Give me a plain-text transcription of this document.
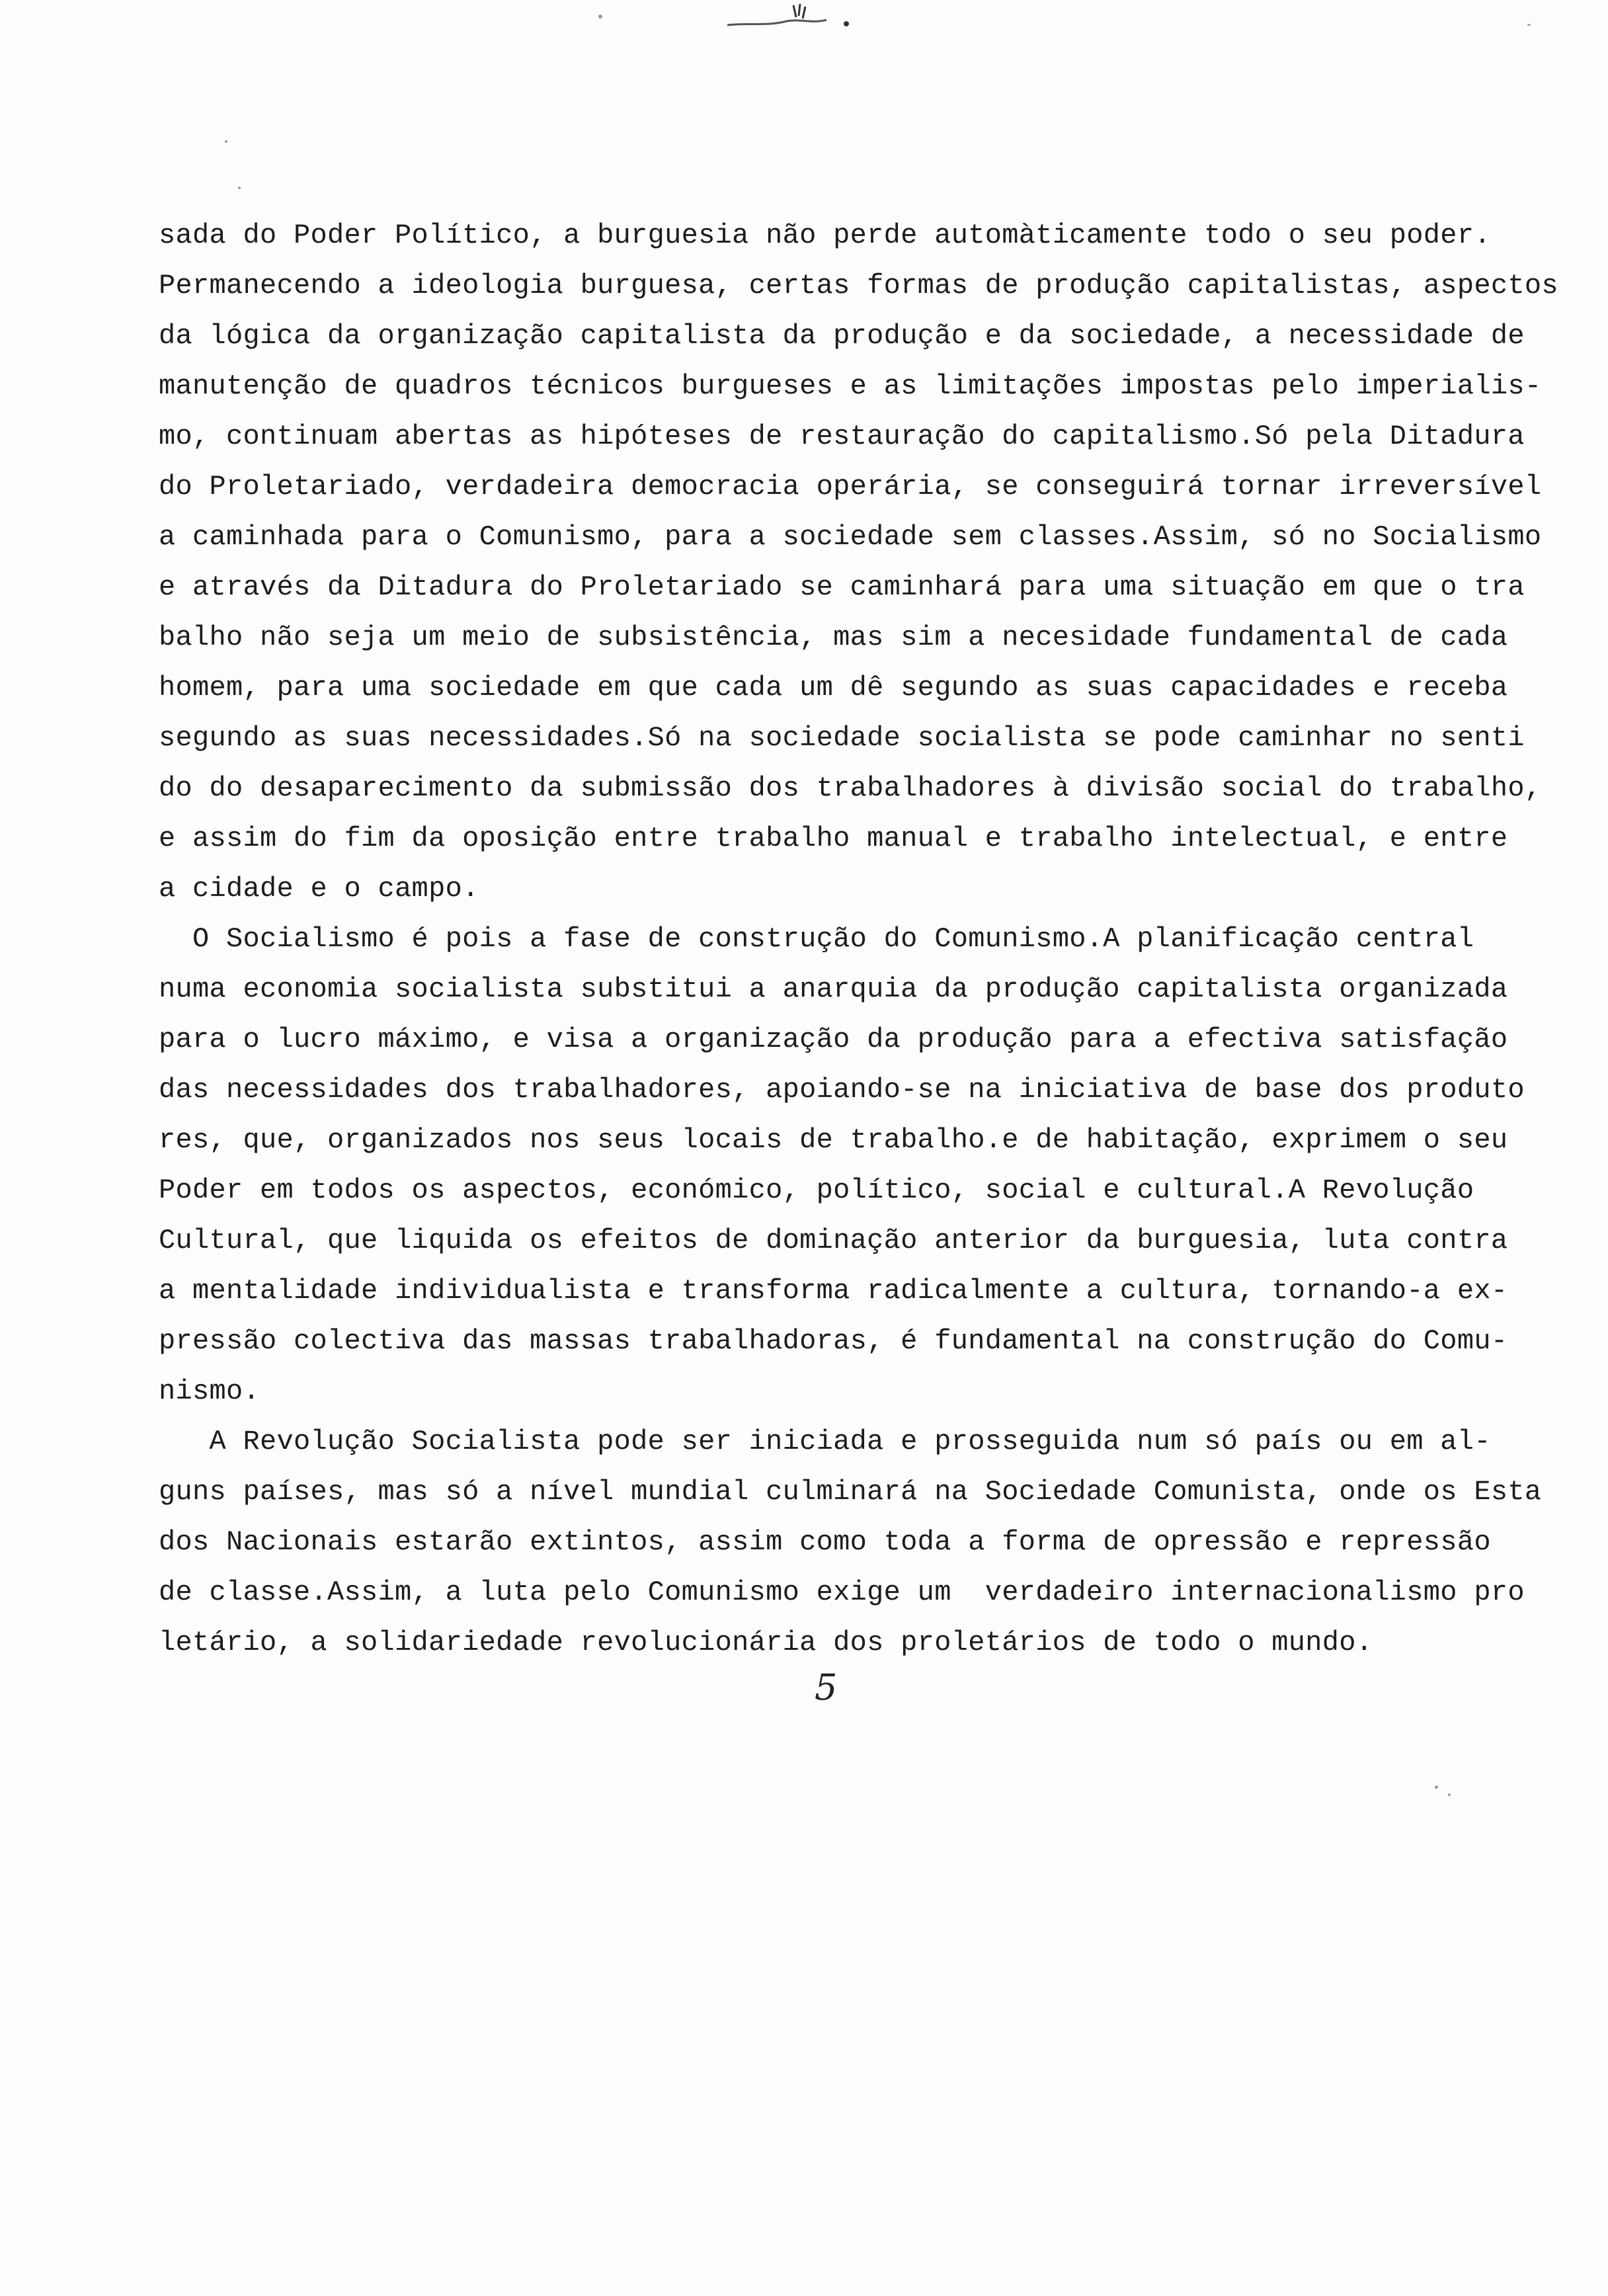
sada do Poder Político, a burguesia não perde automàticamente todo o seu poder.
Permanecendo a ideologia burguesa, certas formas de produção capitalistas, aspectos
da lógica da organização capitalista da produção e da sociedade, a necessidade de
manutenção de quadros técnicos burgueses e as limitações impostas pelo imperialis-
mo, continuam abertas as hipóteses de restauração do capitalismo.Só pela Ditadura
do Proletariado, verdadeira democracia operária, se conseguirá tornar irreversível
a caminhada para o Comunismo, para a sociedade sem classes.Assim, só no Socialismo
e através da Ditadura do Proletariado se caminhará para uma situação em que o tra
balho não seja um meio de subsistência, mas sim a necesidade fundamental de cada
homem, para uma sociedade em que cada um dê segundo as suas capacidades e receba
segundo as suas necessidades.Só na sociedade socialista se pode caminhar no senti
do do desaparecimento da submissão dos trabalhadores à divisão social do trabalho,
e assim do fim da oposição entre trabalho manual e trabalho intelectual, e entre
a cidade e o campo.
O Socialismo é pois a fase de construção do Comunismo.A planificação central
numa economia socialista substitui a anarquia da produção capitalista organizada
para o lucro máximo, e visa a organização da produção para a efectiva satisfação
das necessidades dos trabalhadores, apoiando-se na iniciativa de base dos produto
res, que, organizados nos seus locais de trabalho.e de habitação, exprimem o seu
Poder em todos os aspectos, económico, político, social e cultural.A Revolução
Cultural, que liquida os efeitos de dominação anterior da burguesia, luta contra
a mentalidade individualista e transforma radicalmente a cultura, tornando-a ex-
pressão colectiva das massas trabalhadoras, é fundamental na construção do Comu-
nismo.
A Revolução Socialista pode ser iniciada e prosseguida num só país ou em al-
guns países, mas só a nível mundial culminará na Sociedade Comunista, onde os Esta
dos Nacionais estarão extintos, assim como toda a forma de opressão e repressão
de classe.Assim, a luta pelo Comunismo exige um  verdadeiro internacionalismo pro
letário, a solidariedade revolucionária dos proletários de todo o mundo.
5
